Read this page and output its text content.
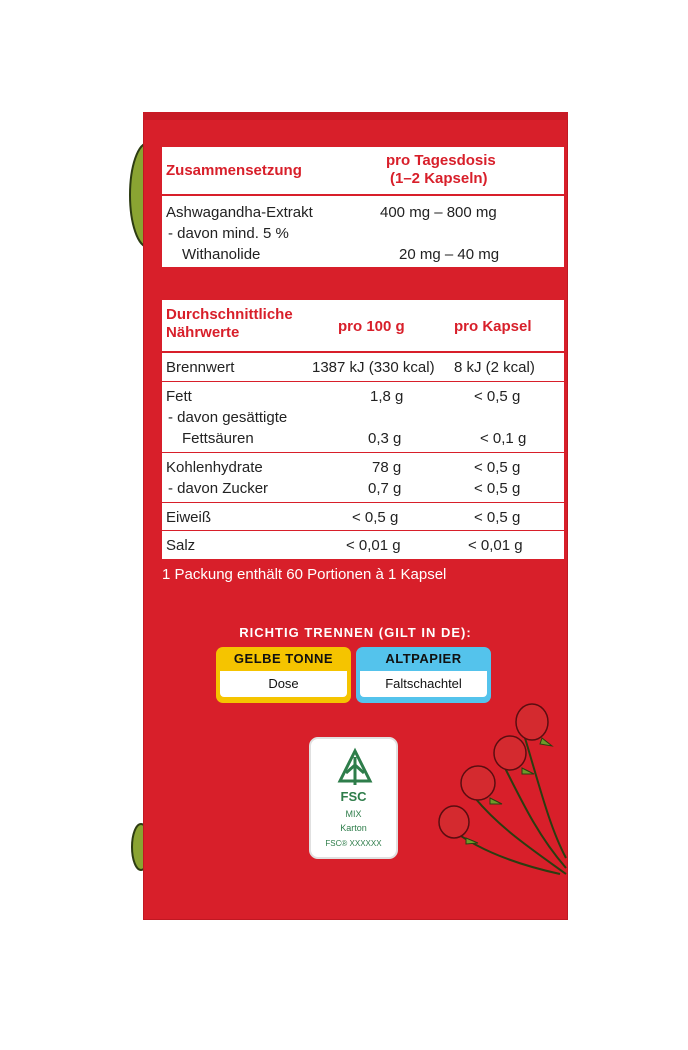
Zusammensetzung
pro Tagesdosis
(1–2 Kapseln)
Ashwagandha-Extrakt	400 mg – 800 mg
- davon mind. 5 %
Withanolide	20 mg – 40 mg
Durchschnittliche
Nährwerte	pro 100 g	pro Kapsel
Brennwert	1387 kJ (330 kcal) 8 kJ (2 kcal)
Fett	1,8 g	< 0,5 g
- davon gesättigte
Fettsäuren	0,3 g	< 0,1 g
Kohlenhydrate	78 g	< 0,5 g
- davon Zucker	0,7 g	< 0,5 g
Eiweiß	< 0,5 g	< 0,5 g
Salz	< 0,01 g	< 0,01 g
1 Packung enthält 60 Portionen à 1 Kapsel
RICHTIG TRENNEN (GILT IN DE):
GELBE TONNE
Dose
ALTPAPIER
Faltschachtel
FSC
MIX
Karton
FSC® XXXXXX
